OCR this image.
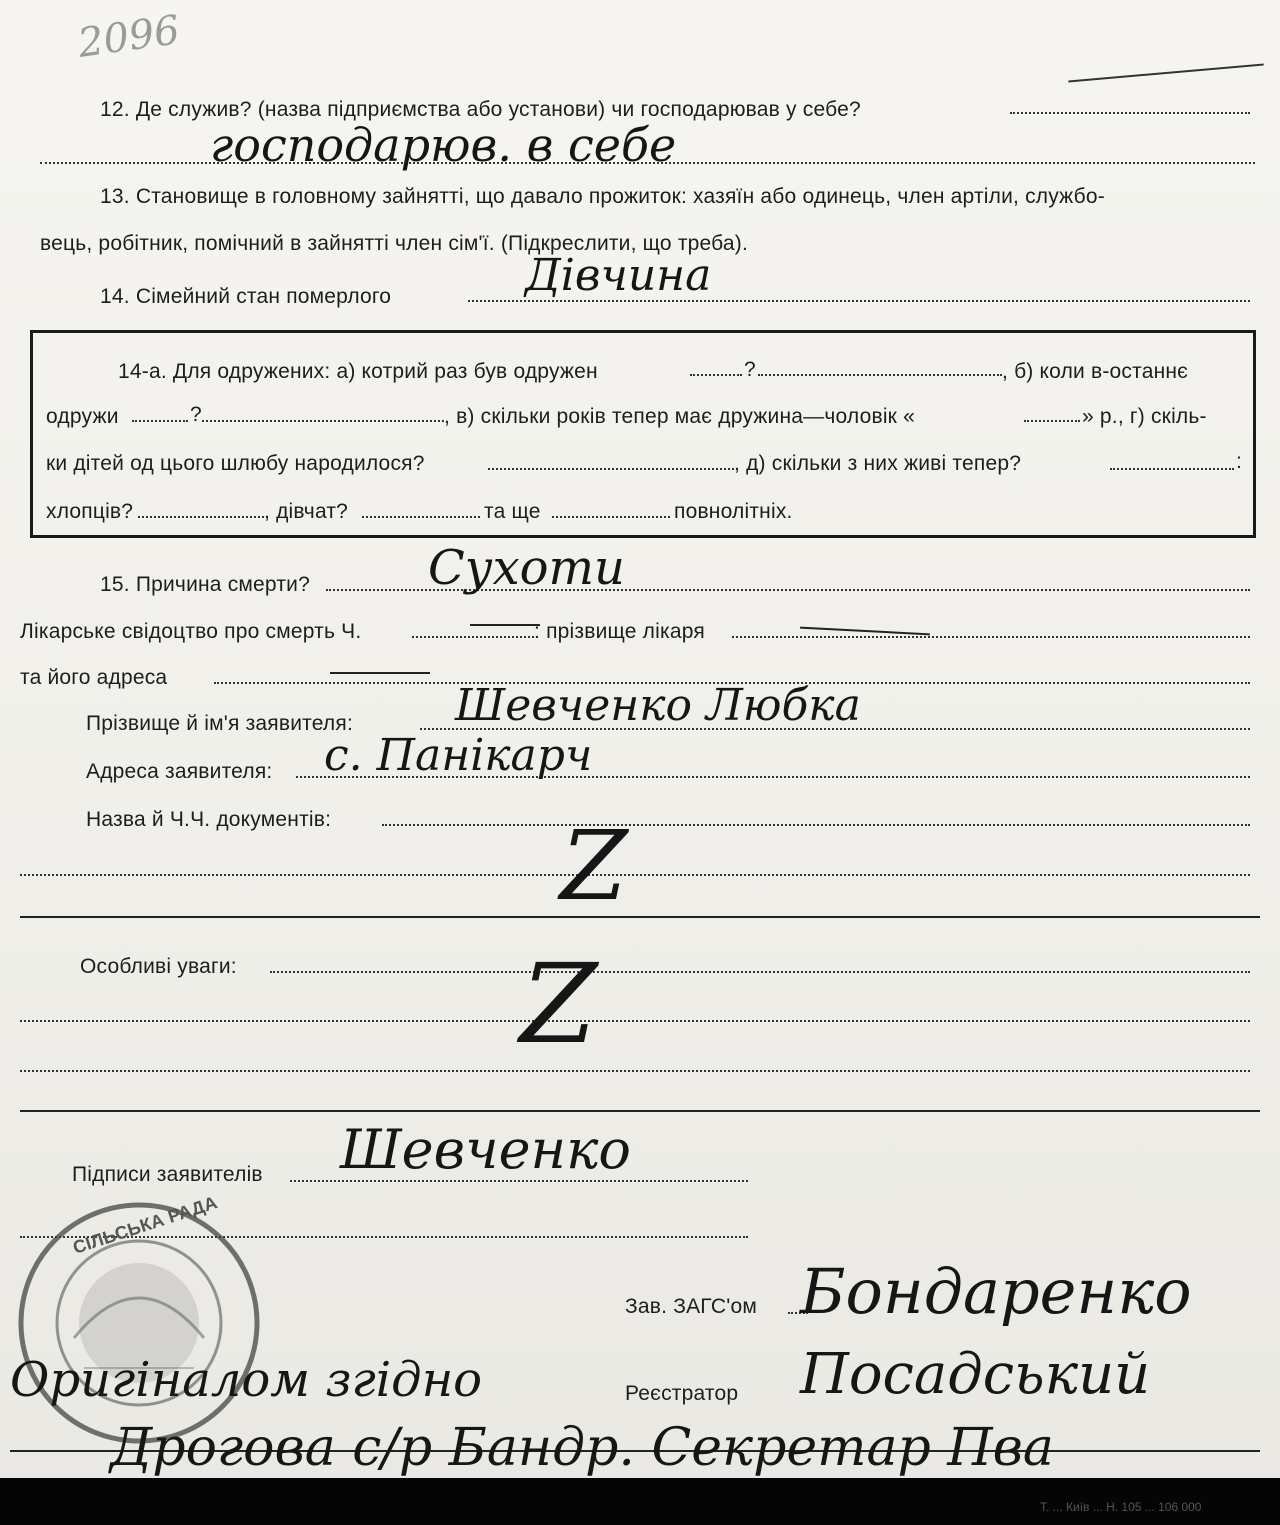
2096
12. Де служив? (назва підприємства або установи) чи господарював у себе?
господарюв. в себе
13. Становище в головному зайнятті, що давало прожиток: хазяїн або одинець, член артіли, службо-
вець, робітник, помічний в зайнятті член сім'ї. (Підкреслити, що треба).
14. Сімейний стан померлого	Дівчина
14-а. Для одружених: а) котрий раз був одружен	?	, б) коли в-останнє
одружи	?	, в) скільки років тепер має дружина—чоловік «	» р., г) скіль-
ки дітей од цього шлюбу народилося?	, д) скільки з них живі тепер?	:
хлопців?	, дівчат?	та ще	повнолітніх.
15. Причина смерти? Сухоти
Лікарське свідоцтво про смерть Ч.	: прізвище лікаря
та його адреса
Прізвище й ім'я заявителя: Шевченко Любка
Адреса заявителя: с. Панікарч
Назва й Ч.Ч. документів: Z
Особливі уваги: Z
Підписи заявителів Шевченко
СІЛЬСЬКА РАДА
Зав. ЗАГС'ом Бондаренко
Реєстратор Посадський
Оригіналом згідно
Дрогова с/р Бандр. Секретар Пва
Т. ... Київ ... Н. 105 ... 106 000
